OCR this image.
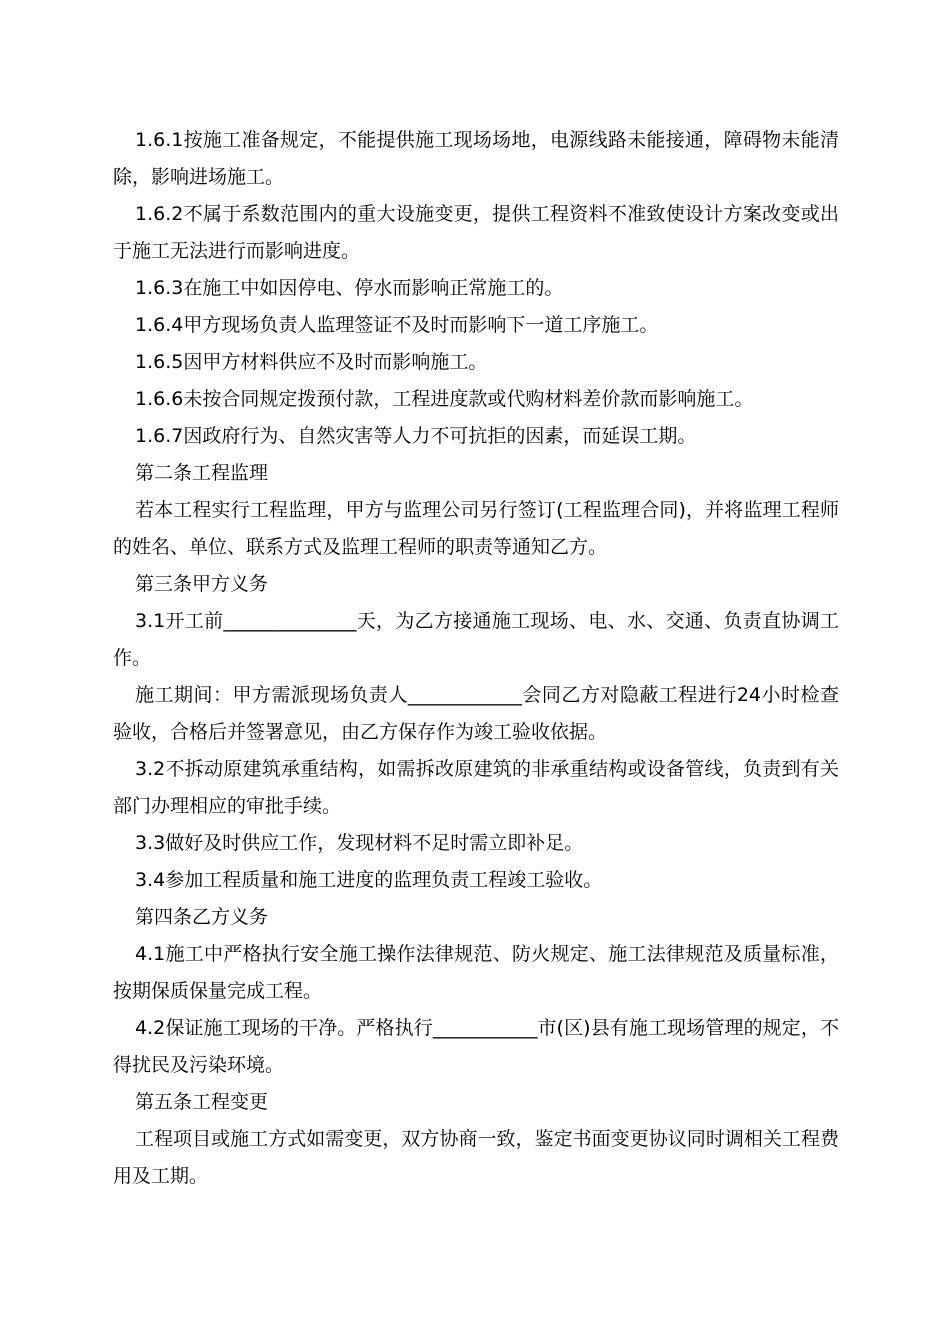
1.6.1按施工准备规定，不能提供施工现场场地，电源线路未能接通，障碍物未能清除，影响进场施工。

1.6.2不属于系数范围内的重大设施变更，提供工程资料不准致使设计方案改变或出于施工无法进行而影响进度。

1.6.3在施工中如因停电、停水而影响正常施工的。

1.6.4甲方现场负责人监理签证不及时而影响下一道工序施工。

1.6.5因甲方材料供应不及时而影响施工。

1.6.6未按合同规定拨预付款，工程进度款或代购材料差价款而影响施工。

1.6.7因政府行为、自然灾害等人力不可抗拒的因素，而延误工期。

第二条工程监理

若本工程实行工程监理，甲方与监理公司另行签订(工程监理合同)，并将监理工程师的姓名、单位、联系方式及监理工程师的职责等通知乙方。

第三条甲方义务

3.1开工前______________天，为乙方接通施工现场、电、水、交通、负责直协调工作。

施工期间：甲方需派现场负责人____________会同乙方对隐蔽工程进行24小时检查验收，合格后并签署意见，由乙方保存作为竣工验收依据。

3.2不拆动原建筑承重结构，如需拆改原建筑的非承重结构或设备管线，负责到有关部门办理相应的审批手续。

3.3做好及时供应工作，发现材料不足时需立即补足。

3.4参加工程质量和施工进度的监理负责工程竣工验收。

第四条乙方义务

4.1施工中严格执行安全施工操作法律规范、防火规定、施工法律规范及质量标准，按期保质保量完成工程。

4.2保证施工现场的干净。严格执行___________市(区)县有施工现场管理的规定，不得扰民及污染环境。

第五条工程变更

工程项目或施工方式如需变更，双方协商一致，鉴定书面变更协议同时调相关工程费用及工期。
